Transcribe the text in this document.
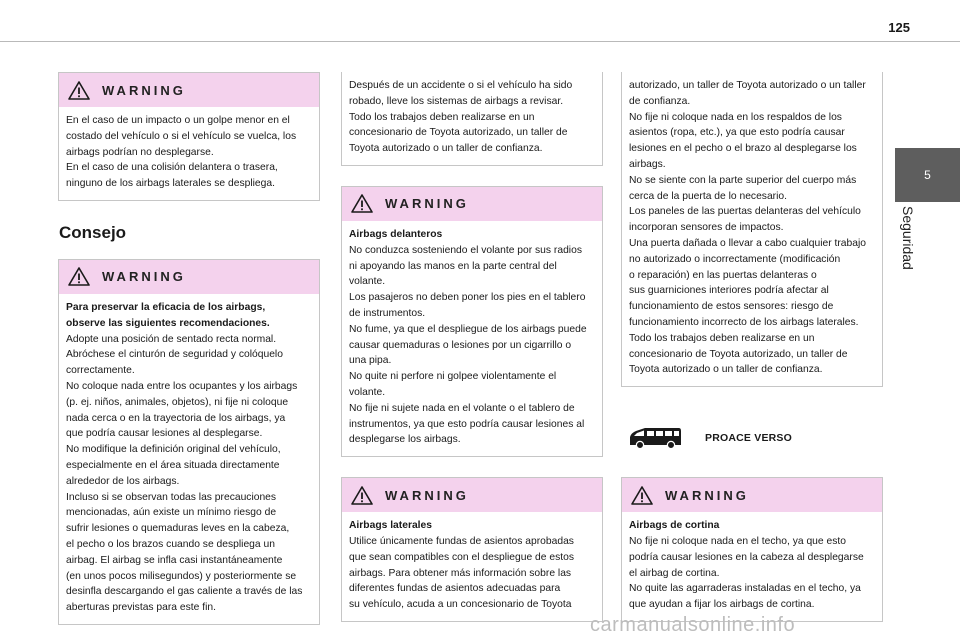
125
5
Seguridad
WARNING

En el caso de un impacto o un golpe menor en el

costado del vehículo o si el vehículo se vuelca, los

airbags podrían no desplegarse.

En el caso de una colisión delantera o trasera,

ninguno de los airbags laterales se despliega.

Consejo
WARNING

Para preservar la eficacia de los airbags,

observe las siguientes recomendaciones.

Adopte una posición de sentado recta normal.

Abróchese el cinturón de seguridad y colóquelo

correctamente.

No coloque nada entre los ocupantes y los airbags

(p. ej. niños, animales, objetos), ni fije ni coloque

nada cerca o en la trayectoria de los airbags, ya

que podría causar lesiones al desplegarse.

No modifique la definición original del vehículo,

especialmente en el área situada directamente

alrededor de los airbags.

Incluso si se observan todas las precauciones

mencionadas, aún existe un mínimo riesgo de

sufrir lesiones o quemaduras leves en la cabeza,

el pecho o los brazos cuando se despliega un

airbag. El airbag se infla casi instantáneamente

(en unos pocos milisegundos) y posteriormente se

desinfla descargando el gas caliente a través de las

aberturas previstas para este fin.

Después de un accidente o si el vehículo ha sido

robado, lleve los sistemas de airbags a revisar.

Todo los trabajos deben realizarse en un

concesionario de Toyota autorizado, un taller de

Toyota autorizado o un taller de confianza.

WARNING

Airbags delanteros

No conduzca sosteniendo el volante por sus radios

ni apoyando las manos en la parte central del

volante.

Los pasajeros no deben poner los pies en el tablero

de instrumentos.

No fume, ya que el despliegue de los airbags puede

causar quemaduras o lesiones por un cigarrillo o

una pipa.

No quite ni perfore ni golpee violentamente el

volante.

No fije ni sujete nada en el volante o el tablero de

instrumentos, ya que esto podría causar lesiones al

desplegarse los airbags.

WARNING

Airbags laterales

Utilice únicamente fundas de asientos aprobadas

que sean compatibles con el despliegue de estos

airbags. Para obtener más información sobre las

diferentes fundas de asientos adecuadas para

su vehículo, acuda a un concesionario de Toyota

autorizado, un taller de Toyota autorizado o un taller

de confianza.

No fije ni coloque nada en los respaldos de los

asientos (ropa, etc.), ya que esto podría causar

lesiones en el pecho o el brazo al desplegarse los

airbags.

No se siente con la parte superior del cuerpo más

cerca de la puerta de lo necesario.

Los paneles de las puertas delanteras del vehículo

incorporan sensores de impactos.

Una puerta dañada o llevar a cabo cualquier trabajo

no autorizado o incorrectamente (modificación

o reparación) en las puertas delanteras o

sus guarniciones interiores podría afectar al

funcionamiento de estos sensores: riesgo de

funcionamiento incorrecto de los airbags laterales.

Todo los trabajos deben realizarse en un

concesionario de Toyota autorizado, un taller de

Toyota autorizado o un taller de confianza.

PROACE VERSO
WARNING

Airbags de cortina

No fije ni coloque nada en el techo, ya que esto

podría causar lesiones en la cabeza al desplegarse

el airbag de cortina.

No quite las agarraderas instaladas en el techo, ya

que ayudan a fijar los airbags de cortina.

carmanualsonline.info
